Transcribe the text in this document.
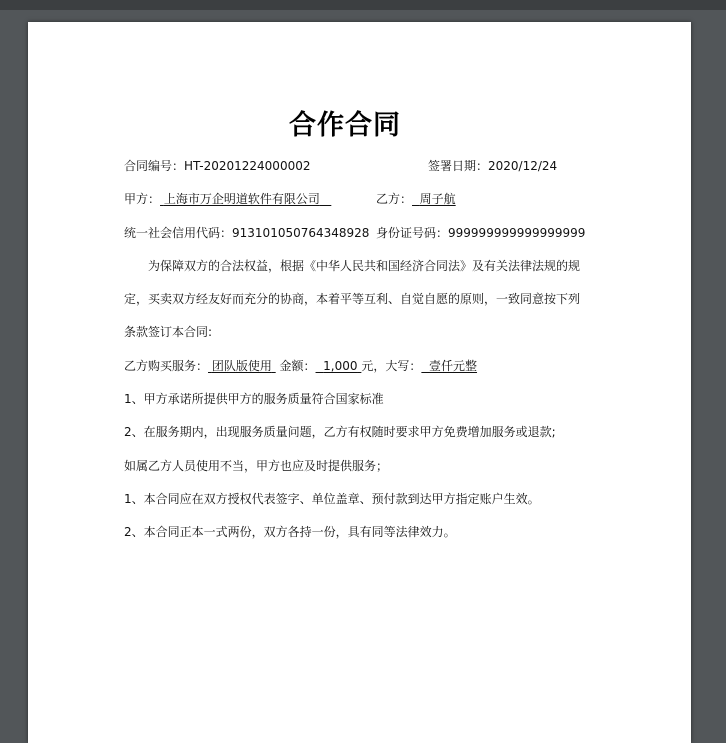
合作合同
合同编号：HT-20201224000002	签署日期：2020/12/24
甲方： 上海市万企明道软件有限公司	乙方： 周子航
统一社会信用代码：913101050764348928 身份证号码：999999999999999999
为保障双方的合法权益，根据《中华人民共和国经济合同法》及有关法律法规的规
定，买卖双方经友好而充分的协商，本着平等互利、自觉自愿的原则，一致同意按下列
条款签订本合同:
乙方购买服务： 团队版使用 金额： 1,000 元，大写： 壹仟元整
1、甲方承诺所提供甲方的服务质量符合国家标准
2、在服务期内，出现服务质量问题，乙方有权随时要求甲方免费增加服务或退款;
如属乙方人员使用不当，甲方也应及时提供服务；
1、本合同应在双方授权代表签字、单位盖章、预付款到达甲方指定账户生效。
2、本合同正本一式两份，双方各持一份，具有同等法律效力。
